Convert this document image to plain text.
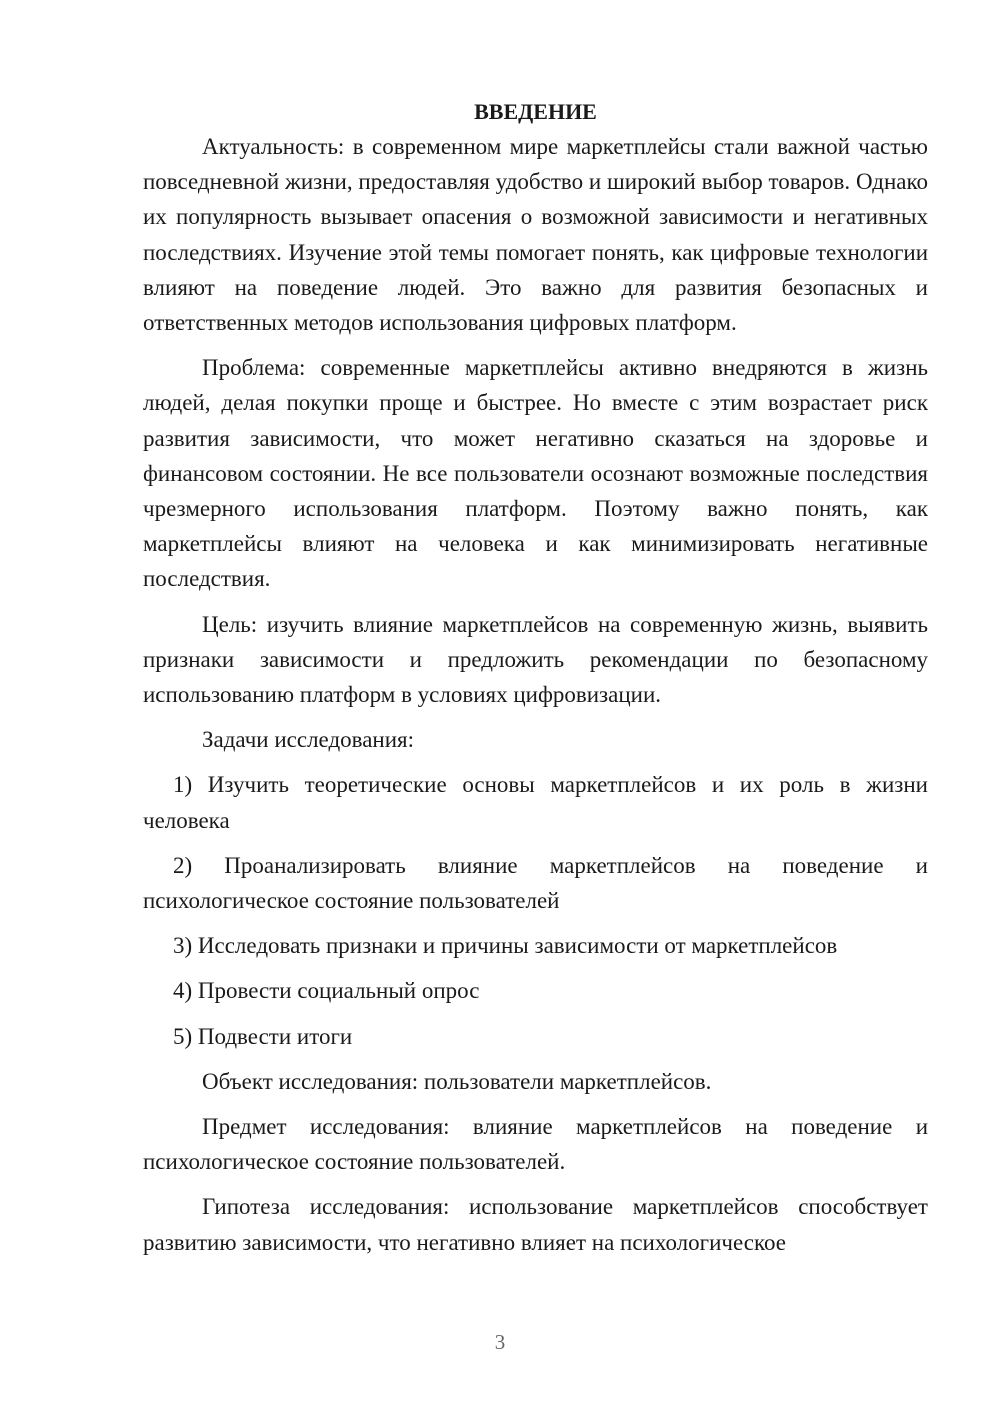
ВВЕДЕНИЕ

Актуальность: в современном мире маркетплейсы стали важной частью повседневной жизни, предоставляя удобство и широкий выбор товаров. Однако их популярность вызывает опасения о возможной зависимости и негативных последствиях. Изучение этой темы помогает понять, как цифровые технологии влияют на поведение людей. Это важно для развития безопасных и ответственных методов использования цифровых платформ.

Проблема: современные маркетплейсы активно внедряются в жизнь людей, делая покупки проще и быстрее. Но вместе с этим возрастает риск развития зависимости, что может негативно сказаться на здоровье и финансовом состоянии. Не все пользователи осознают возможные последствия чрезмерного использования платформ. Поэтому важно понять, как маркетплейсы влияют на человека и как минимизировать негативные последствия.

Цель: изучить влияние маркетплейсов на современную жизнь, выявить признаки зависимости и предложить рекомендации по безопасному использованию платформ в условиях цифровизации.

Задачи исследования:

1) Изучить теоретические основы маркетплейсов и их роль в жизни человека

2) Проанализировать влияние маркетплейсов на поведение и психологическое состояние пользователей

3) Исследовать признаки и причины зависимости от маркетплейсов

4) Провести социальный опрос

5) Подвести итоги

Объект исследования: пользователи маркетплейсов.

Предмет исследования: влияние маркетплейсов на поведение и психологическое состояние пользователей.

Гипотеза исследования: использование маркетплейсов способствует развитию зависимости, что негативно влияет на психологическое

3
